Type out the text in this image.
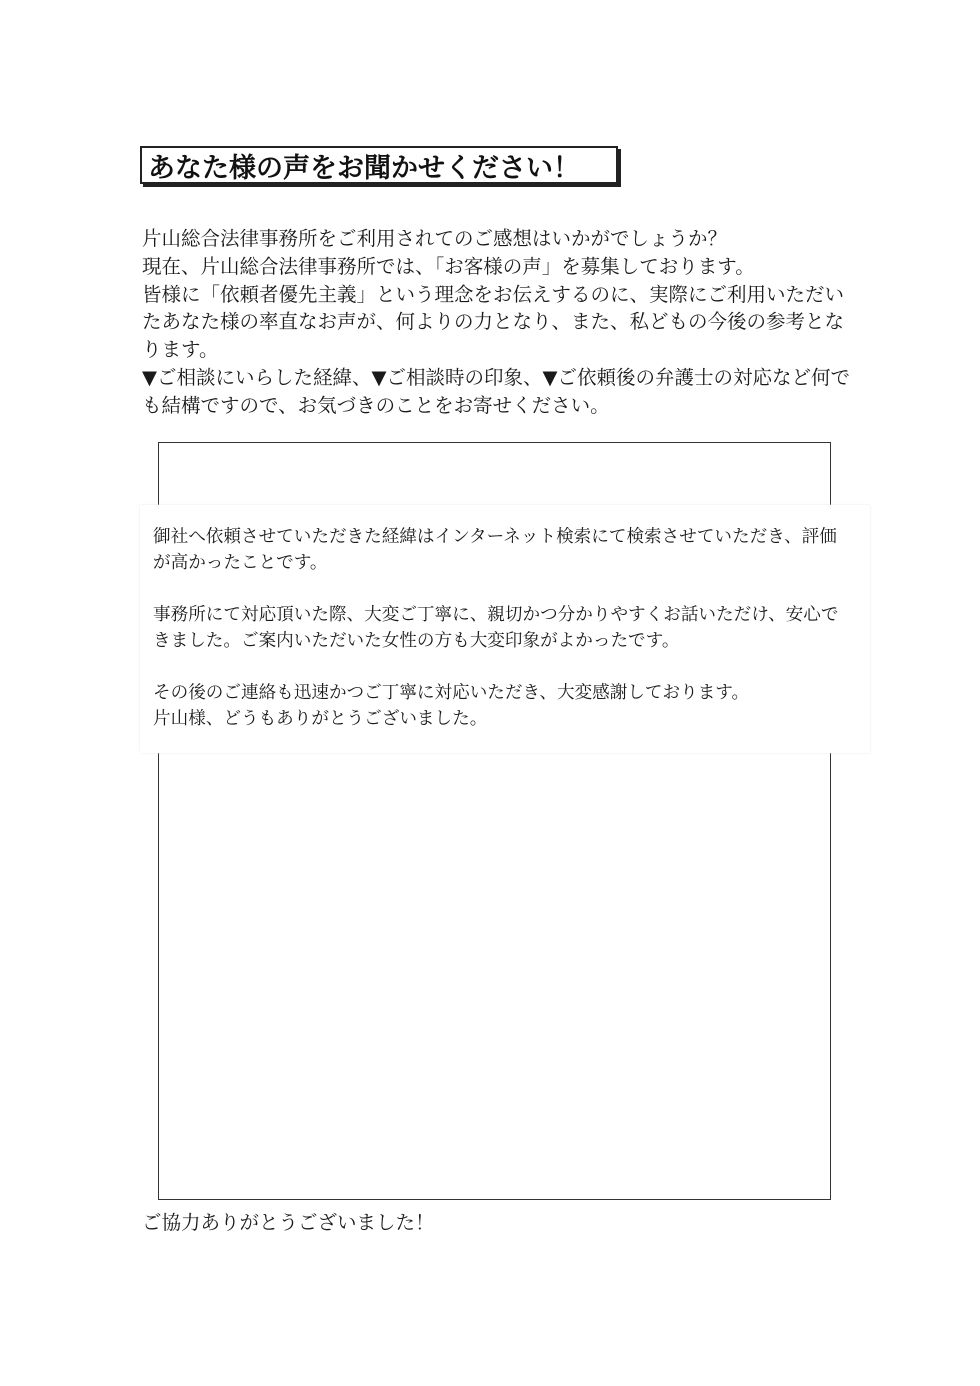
あなた様の声をお聞かせください！

片山総合法律事務所をご利用されてのご感想はいかがでしょうか？

現在、片山総合法律事務所では、「お客様の声」を募集しております。

皆様に「依頼者優先主義」という理念をお伝えするのに、実際にご利用いただいたあなた様の率直なお声が、何よりの力となり、また、私どもの今後の参考となります。

▼ご相談にいらした経緯、▼ご相談時の印象、▼ご依頼後の弁護士の対応など何でも結構ですので、お気づきのことをお寄せください。

御社へ依頼させていただきた経緯はインターネット検索にて検索させていただき、評価が高かったことです。

事務所にて対応頂いた際、大変ご丁寧に、親切かつ分かりやすくお話いただけ、安心できました。ご案内いただいた女性の方も大変印象がよかったです。

その後のご連絡も迅速かつご丁寧に対応いただき、大変感謝しております。
片山様、どうもありがとうございました。

ご協力ありがとうございました！
